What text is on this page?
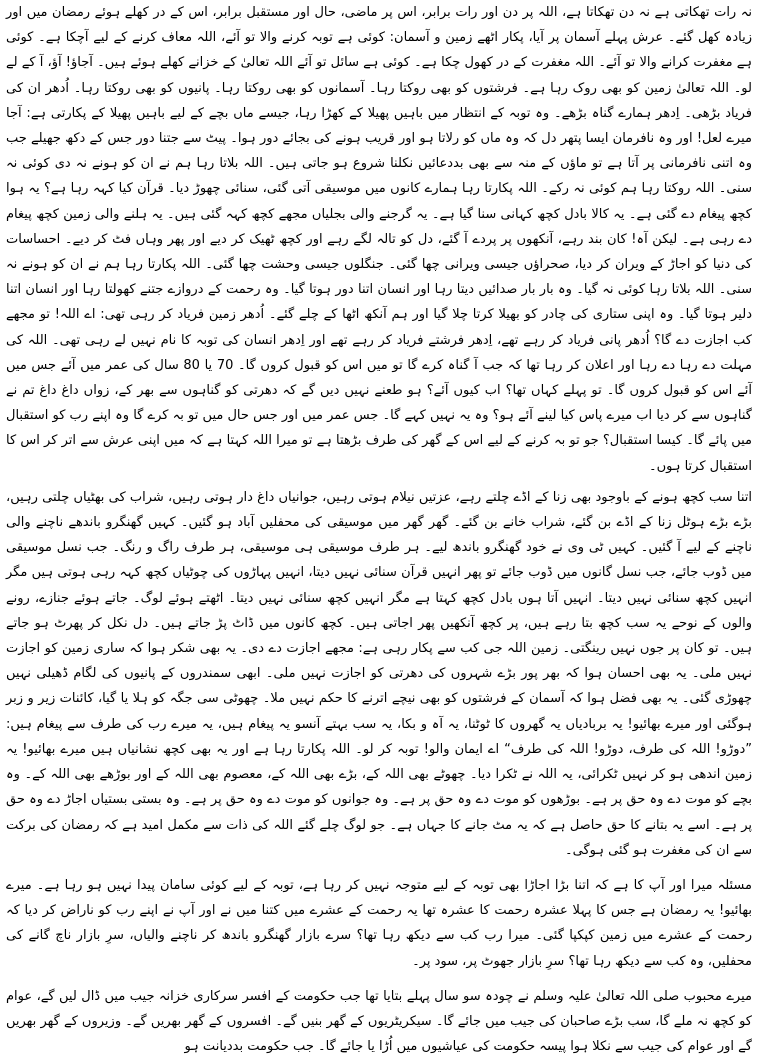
نہ رات تھکاتی ہے نہ دن تھکاتا ہے، اللہ پر دن اور رات برابر، اس پر ماضی، حال اور مستقبل برابر، اس کے در کھلے ہوئے رمضان میں اور زیادہ کھل گئے۔ عرش پہلے آسمان پر آیا، پکار اٹھے زمین و آسمان: کوئی ہے توبہ کرنے والا تو آئے، اللہ معاف کرنے کے لیے آچکا ہے۔ کوئی ہے مغفرت کرانے والا تو آئے۔ اللہ مغفرت کے در کھول چکا ہے۔ کوئی ہے سائل تو آئے اللہ تعالیٰ کے خزانے کھلے ہوئے ہیں۔ آجاؤ! آؤ، آ کے لے لو۔ اللہ تعالیٰ زمین کو بھی روک رہا ہے۔ فرشتوں کو بھی روکتا رہا۔ آسمانوں کو بھی روکتا رہا۔ پانیوں کو بھی روکتا رہا۔ اُدھر ان کی فریاد بڑھی۔ اِدھر ہمارے گناہ بڑھے۔ وہ توبہ کے انتظار میں باہیں پھیلا کے کھڑا رہا، جیسے ماں بچے کے لیے باہیں پھیلا کے پکارتی ہے: آجا میرے لعل! اور وہ نافرمان ایسا پتھر دل کہ وہ ماں کو رلاتا ہو اور قریب ہونے کی بجائے دور ہوا۔ پیٹ سے جتنا دور جس کے دکھ جھیلے جب وہ اتنی نافرمانی پر آتا ہے تو ماؤں کے منہ سے بھی بددعائیں نکلنا شروع ہو جاتی ہیں۔ اللہ بلاتا رہا ہم نے ان کو ہونے نہ دی کوئی نہ سنی۔ اللہ روکتا رہا ہم کوئی نہ رکے۔ اللہ پکارتا رہا ہمارے کانوں میں موسیقی آتی گئی، سنائی چھوڑ دیا۔ قرآن کیا کہہ رہا ہے؟ یہ ہوا کچھ پیغام دے گئی ہے۔ یہ کالا بادل کچھ کہانی سنا گیا ہے۔ یہ گرجنے والی بجلیاں مجھے کچھ کہہ گئی ہیں۔ یہ ہلنے والی زمین کچھ پیغام دے رہی ہے۔ لیکن آہ! کان بند رہے، آنکھوں پر پردے آ گئے، دل کو تالہ لگے رہے اور کچھ ٹھیک کر دیے اور پھر وہاں فٹ کر دیے۔ احساسات کی دنیا کو اجاڑ کے ویران کر دیا، صحراؤں جیسی ویرانی چھا گئی۔ جنگلوں جیسی وحشت چھا گئی۔ اللہ پکارتا رہا ہم نے ان کو ہونے نہ سنی۔ اللہ بلاتا رہا کوئی نہ گیا۔ وہ بار بار صدائیں دیتا رہا اور انسان اتنا دور ہوتا گیا۔ وہ رحمت کے دروازے جتنے کھولتا رہا اور انسان اتنا دلیر ہوتا گیا۔ وہ اپنی ستاری کی چادر کو بھیلا کرتا چلا گیا اور ہم آنکھ اٹھا کے چلے گئے۔ اُدھر زمین فریاد کر رہی تھی: اے اللہ! تو مجھے کب اجازت دے گا؟ اُدھر پانی فریاد کر رہے تھے، اِدھر فرشتے فریاد کر رہے تھے اور اِدھر انسان کی توبہ کا نام نہیں لے رہی تھی۔ اللہ کی مہلت دے رہا دے رہا اور اعلان کر رہا تھا کہ جب آ گناہ کرے گا تو میں اس کو قبول کروں گا۔ 70 یا 80 سال کی عمر میں آئے جس میں آئے اس کو قبول کروں گا۔ تو پہلے کہاں تھا؟ اب کیوں آئے؟ ہو طعنے نہیں دیں گے کہ دھرتی کو گناہوں سے بھر کے، زواں داغ داغ تم نے گناہوں سے کر دیا اب میرے پاس کیا لینے آئے ہو؟ وہ یہ نہیں کہے گا۔ جس عمر میں اور جس حال میں تو بہ کرے گا وہ اپنے رب کو استقبال میں پائے گا۔ کیسا استقبال؟ جو تو بہ کرنے کے لیے اس کے گھر کی طرف بڑھتا ہے تو میرا اللہ کہتا ہے کہ میں اپنی عرش سے اتر کر اس کا استقبال کرتا ہوں۔

اتنا سب کچھ ہونے کے باوجود بھی زنا کے اڈے چلتے رہے، عزتیں نیلام ہوتی رہیں، جوانیاں داغ دار ہوتی رہیں، شراب کی بھٹیاں چلتی رہیں، بڑے بڑے ہوٹل زنا کے اڈے بن گئے، شراب خانے بن گئے۔ گھر گھر میں موسیقی کی محفلیں آباد ہو گئیں۔ کہیں گھنگرو باندھے ناچنے والی ناچنے کے لیے آ گئیں۔ کہیں ٹی وی نے خود گھنگرو باندھ لیے۔ ہر طرف موسیقی ہی موسیقی، ہر طرف راگ و رنگ۔ جب نسل موسیقی میں ڈوب جائے، جب نسل گانوں میں ڈوب جائے تو پھر انہیں قرآن سنائی نہیں دیتا، انہیں پہاڑوں کی چوٹیاں کچھ کہہ رہی ہوتی ہیں مگر انہیں کچھ سنائی نہیں دیتا۔ انہیں آتا ہوں بادل کچھ کہتا ہے مگر انہیں کچھ سنائی نہیں دیتا۔ اٹھتے ہوئے لوگ۔ جاتے ہوئے جنازے، رونے والوں کے نوحے یہ سب کچھ بتا رہے ہیں، پر کچھ آنکھیں پھر اجاتی ہیں۔ کچھ کانوں میں ڈاٹ پڑ جاتے ہیں۔ دل نکل کر پھرٹ ہو جاتے ہیں۔ تو کان پر جوں نہیں رینگتی۔ زمین اللہ جی کب سے پکار رہی ہے: مجھے اجازت دے دی۔ یہ بھی شکر ہوا کہ ساری زمین کو اجازت نہیں ملی۔ یہ بھی احسان ہوا کہ بھر پور بڑے شہروں کی دھرتی کو اجازت نہیں ملی۔ ابھی سمندروں کے پانیوں کی لگام ڈھیلی نہیں چھوڑی گئی۔ یہ بھی فضل ہوا کہ آسمان کے فرشتوں کو بھی نیچے اترنے کا حکم نہیں ملا۔ چھوٹی سی جگہ کو ہلا یا گیا، کائنات زیر و زبر ہوگئی اور میرے بھائیو! یہ بربادیاں یہ گھروں کا ٹوٹنا، یہ آہ و بکا، یہ سب بہتے آنسو یہ پیغام ہیں، یہ میرے رب کی طرف سے پیغام ہیں: ”دوڑو! اللہ کی طرف، دوڑو! اللہ کی طرف“ اے ایمان والو! توبہ کر لو۔ اللہ پکارتا رہا ہے اور یہ بھی کچھ نشانیاں ہیں میرے بھائیو! یہ زمین اندھی ہو کر نہیں ٹکرائی، یہ اللہ نے ٹکرا دیا۔ چھوٹے بھی اللہ کے، بڑے بھی اللہ کے، معصوم بھی اللہ کے اور بوڑھے بھی اللہ کے۔ وہ بچے کو موت دے وہ حق پر ہے۔ بوڑھوں کو موت دے وہ حق پر ہے۔ وہ جوانوں کو موت دے وہ حق پر ہے۔ وہ بستی بستیاں اجاڑ دے وہ حق پر ہے۔ اسے یہ بتانے کا حق حاصل ہے کہ یہ مٹ جانے کا جہاں ہے۔ جو لوگ چلے گئے اللہ کی ذات سے مکمل امید ہے کہ رمضان کی برکت سے ان کی مغفرت ہو گئی ہوگی۔

مسئلہ میرا اور آپ کا ہے کہ اتنا بڑا اجاڑا بھی توبہ کے لیے متوجہ نہیں کر رہا ہے، توبہ کے لیے کوئی سامان پیدا نہیں ہو رہا ہے۔ میرے بھائیو! یہ رمضان ہے جس کا پہلا عشرہ رحمت کا عشرہ تھا یہ رحمت کے عشرے میں کتنا میں نے اور آپ نے اپنے رب کو ناراض کر دیا کہ رحمت کے عشرے میں زمین کپکپا گئی۔ میرا رب کب سے دیکھ رہا تھا؟ سرے بازار گھنگرو باندھ کر ناچنے والیاں، سرِ بازار ناچ گانے کی محفلیں، وہ کب سے دیکھ رہا تھا؟ سرِ بازار جھوٹ پر، سود پر۔

میرے محبوب صلی اللہ تعالیٰ علیہ وسلم نے چودہ سو سال پہلے بتایا تھا جب حکومت کے افسر سرکاری خزانہ جیب میں ڈال لیں گے، عوام کو کچھ نہ ملے گا، سب بڑے صاحبان کی جیب میں جائے گا۔ سیکریٹریوں کے گھر بنیں گے۔ افسروں کے گھر بھریں گے۔ وزیروں کے گھر بھریں گے اور عوام کی جیب سے نکلا ہوا پیسہ حکومت کی عیاشیوں میں اُڑا یا جائے گا۔ جب حکومت بددیانت ہو
